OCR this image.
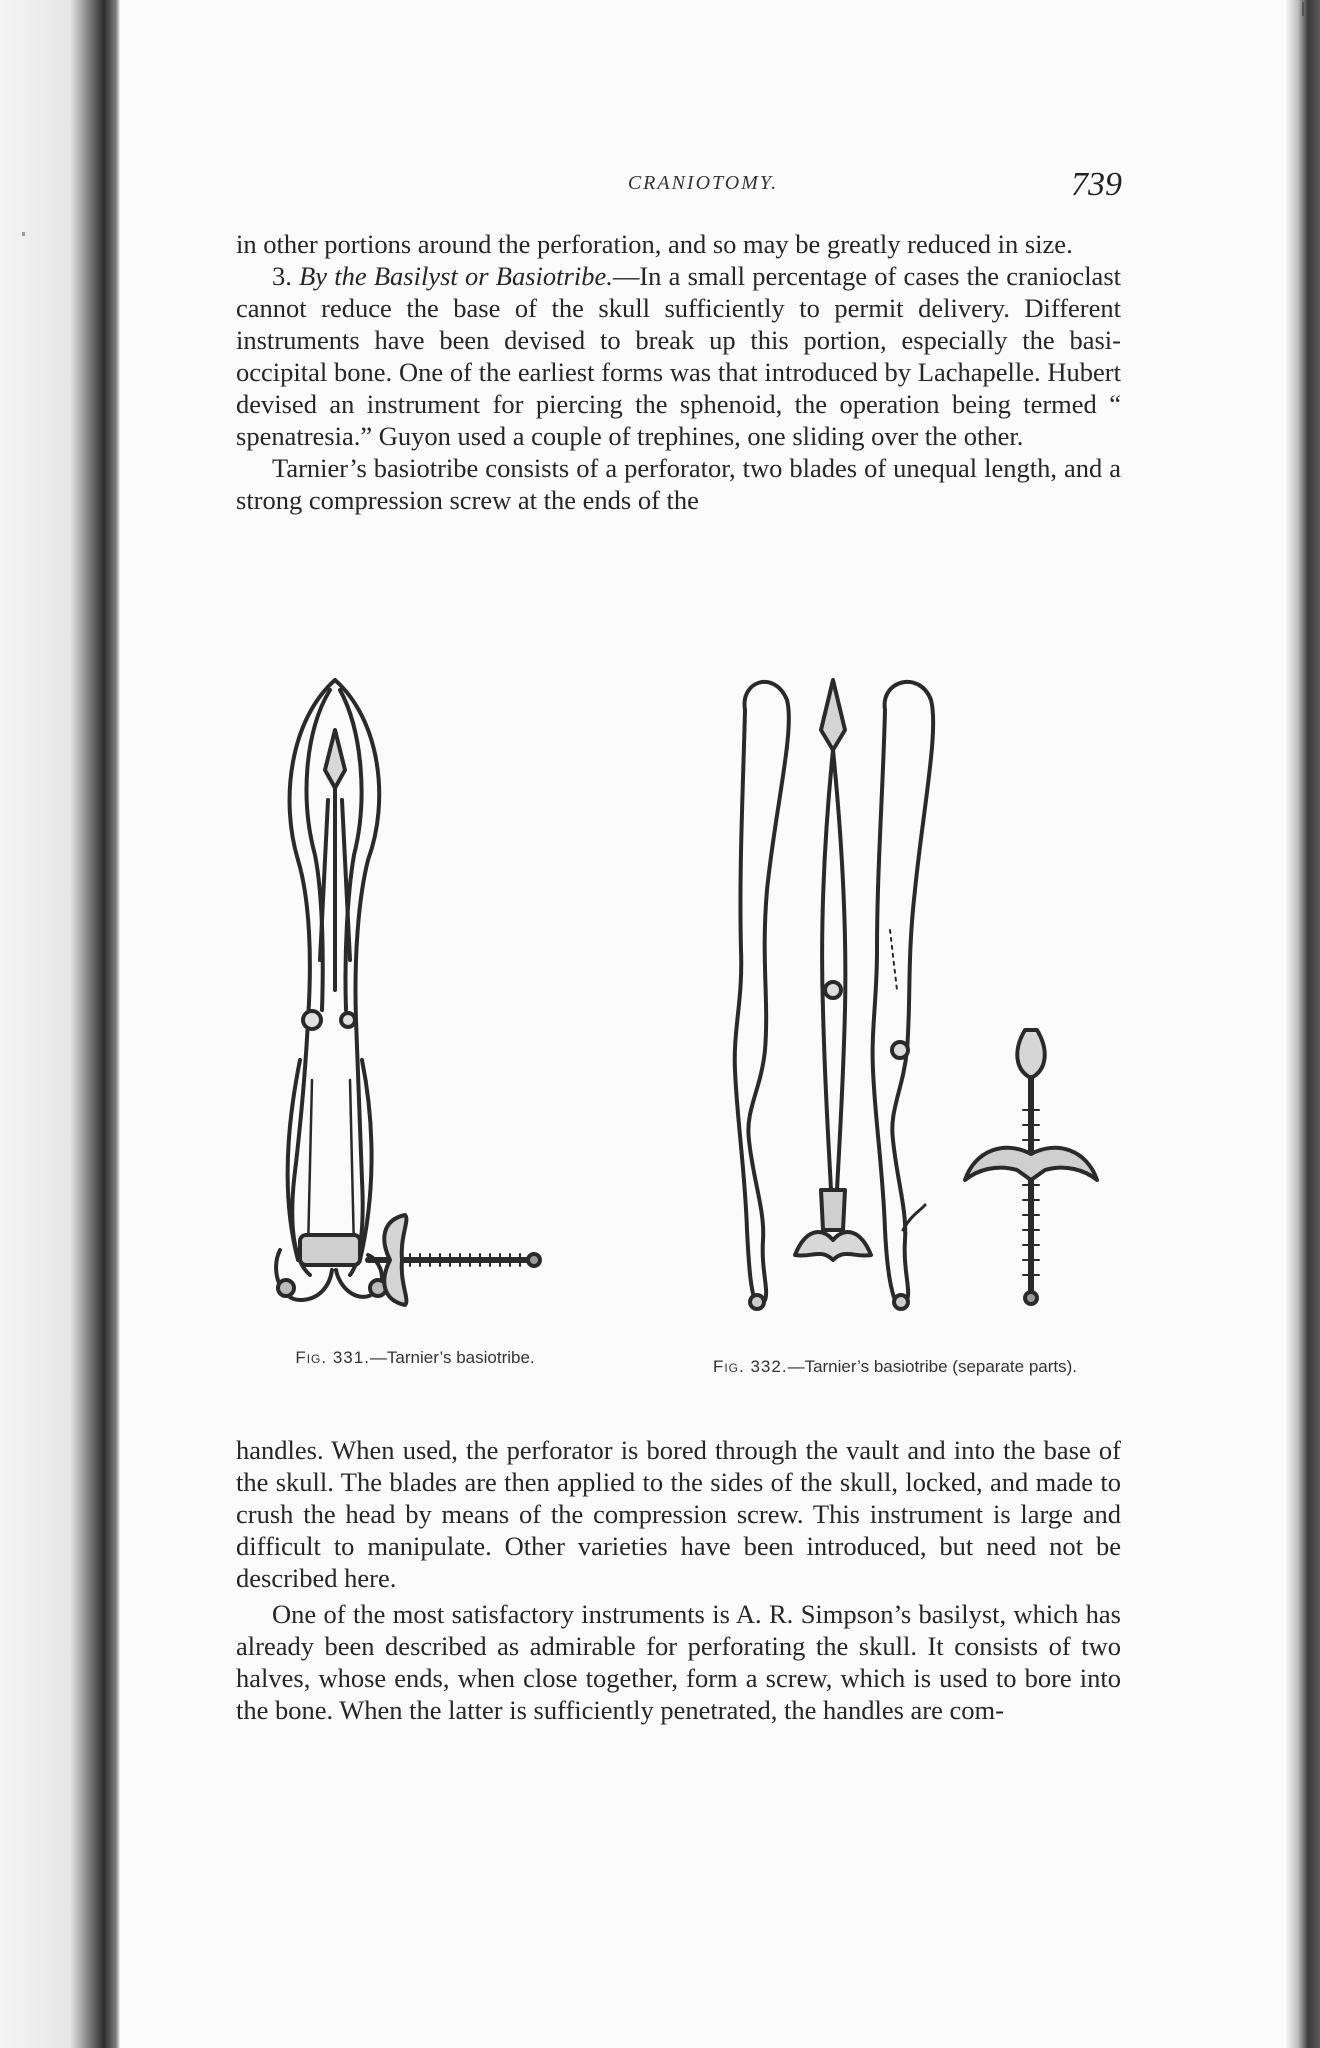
CRANIOTOMY.	739

in other portions around the perforation, and so may be greatly reduced in size.

3. By the Basilyst or Basiotribe.—In a small percentage of cases the cranioclast cannot reduce the base of the skull sufficiently to permit delivery. Different instruments have been devised to break up this portion, especially the basi-occipital bone. One of the earliest forms was that introduced by Lachapelle. Hubert devised an instrument for piercing the sphenoid, the operation being termed “ spenatresia.” Guyon used a couple of trephines, one sliding over the other.

Tarnier’s basiotribe consists of a perforator, two blades of unequal length, and a strong compression screw at the ends of the

Fig. 331.—Tarnier’s basiotribe.	Fig. 332.—Tarnier’s basiotribe (separate parts).

handles. When used, the perforator is bored through the vault and into the base of the skull. The blades are then applied to the sides of the skull, locked, and made to crush the head by means of the compression screw. This instrument is large and difficult to manipulate. Other varieties have been introduced, but need not be described here.

One of the most satisfactory instruments is A. R. Simpson’s basilyst, which has already been described as admirable for perforating the skull. It consists of two halves, whose ends, when close together, form a screw, which is used to bore into the bone. When the latter is sufficiently penetrated, the handles are com-
